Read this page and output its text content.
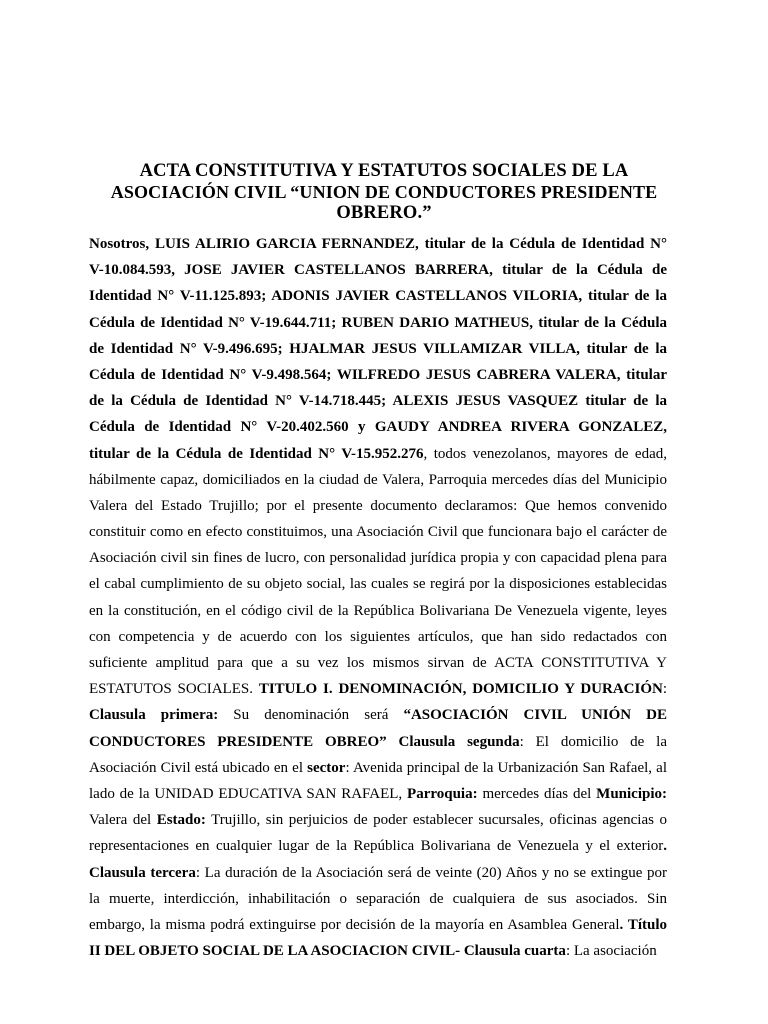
ACTA CONSTITUTIVA Y ESTATUTOS SOCIALES DE LA
ASOCIACIÓN CIVIL “UNION DE CONDUCTORES PRESIDENTE
OBRERO.”
Nosotros, LUIS ALIRIO GARCIA FERNANDEZ, titular de la Cédula de Identidad N°
V-10.084.593, JOSE JAVIER CASTELLANOS BARRERA, titular de la Cédula de
Identidad N° V-11.125.893; ADONIS JAVIER CASTELLANOS VILORIA, titular de la
Cédula de Identidad N° V-19.644.711; RUBEN DARIO MATHEUS, titular de la Cédula
de Identidad N° V-9.496.695; HJALMAR JESUS VILLAMIZAR VILLA, titular de la
Cédula de Identidad N° V-9.498.564; WILFREDO JESUS CABRERA VALERA, titular
de la Cédula de Identidad N° V-14.718.445; ALEXIS JESUS VASQUEZ titular de la
Cédula de Identidad N° V-20.402.560 y GAUDY ANDREA RIVERA GONZALEZ,
titular de la Cédula de Identidad N° V-15.952.276, todos venezolanos, mayores de edad,
hábilmente capaz, domiciliados en la ciudad de Valera, Parroquia mercedes días del Municipio
Valera del Estado Trujillo; por el presente documento declaramos: Que hemos convenido
constituir como en efecto constituimos, una Asociación Civil que funcionara bajo el carácter de
Asociación civil sin fines de lucro, con personalidad jurídica propia y con capacidad plena para
el cabal cumplimiento de su objeto social, las cuales se regirá por la disposiciones establecidas
en la constitución, en el código civil de la República Bolivariana De Venezuela vigente, leyes
con competencia y de acuerdo con los siguientes artículos, que han sido redactados con
suficiente amplitud para que a su vez los mismos sirvan de ACTA CONSTITUTIVA Y
ESTATUTOS SOCIALES. TITULO I. DENOMINACIÓN, DOMICILIO Y DURACIÓN:
Clausula primera: Su denominación será “ASOCIACIÓN CIVIL UNIÓN DE
CONDUCTORES PRESIDENTE OBREO” Clausula segunda: El domicilio de la
Asociación Civil está ubicado en el sector: Avenida principal de la Urbanización San Rafael, al
lado de la UNIDAD EDUCATIVA SAN RAFAEL, Parroquia: mercedes días del Municipio:
Valera del Estado: Trujillo, sin perjuicios de poder establecer sucursales, oficinas agencias o
representaciones en cualquier lugar de la República Bolivariana de Venezuela y el exterior.
Clausula tercera: La duración de la Asociación será de veinte (20) Años y no se extingue por
la muerte, interdicción, inhabilitación o separación de cualquiera de sus asociados. Sin
embargo, la misma podrá extinguirse por decisión de la mayoría en Asamblea General. Título
II DEL OBJETO SOCIAL DE LA ASOCIACION CIVIL- Clausula cuarta: La asociación
